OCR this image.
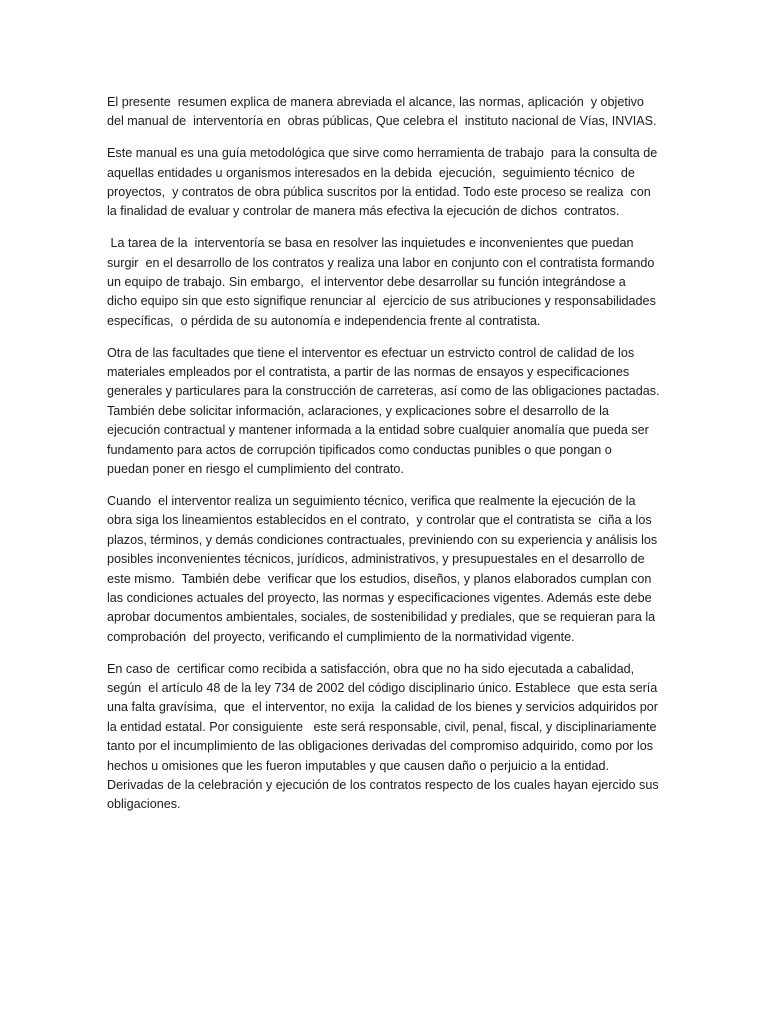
El presente  resumen explica de manera abreviada el alcance, las normas, aplicación  y objetivo
del manual de  interventoría en  obras públicas, Que celebra el  instituto nacional de Vías, INVIAS.

Este manual es una guía metodológica que sirve como herramienta de trabajo  para la consulta de
aquellas entidades u organismos interesados en la debida  ejecución,  seguimiento técnico  de
proyectos,  y contratos de obra pública suscritos por la entidad. Todo este proceso se realiza  con
la finalidad de evaluar y controlar de manera más efectiva la ejecución de dichos  contratos.

La tarea de la  interventoría se basa en resolver las inquietudes e inconvenientes que puedan
surgir  en el desarrollo de los contratos y realiza una labor en conjunto con el contratista formando
un equipo de trabajo. Sin embargo,  el interventor debe desarrollar su función integrándose a
dicho equipo sin que esto signifique renunciar al  ejercicio de sus atribuciones y responsabilidades
específicas,  o pérdida de su autonomía e independencia frente al contratista.

Otra de las facultades que tiene el interventor es efectuar un estrvicto control de calidad de los
materiales empleados por el contratista, a partir de las normas de ensayos y especificaciones
generales y particulares para la construcción de carreteras, así como de las obligaciones pactadas.
También debe solicitar información, aclaraciones, y explicaciones sobre el desarrollo de la
ejecución contractual y mantener informada a la entidad sobre cualquier anomalía que pueda ser
fundamento para actos de corrupción tipificados como conductas punibles o que pongan o
puedan poner en riesgo el cumplimiento del contrato.

Cuando  el interventor realiza un seguimiento técnico, verifica que realmente la ejecución de la
obra siga los lineamientos establecidos en el contrato,  y controlar que el contratista se  ciña a los
plazos, términos, y demás condiciones contractuales, previniendo con su experiencia y análisis los
posibles inconvenientes técnicos, jurídicos, administrativos, y presupuestales en el desarrollo de
este mismo.  También debe  verificar que los estudios, diseños, y planos elaborados cumplan con
las condiciones actuales del proyecto, las normas y especificaciones vigentes. Además este debe
aprobar documentos ambientales, sociales, de sostenibilidad y prediales, que se requieran para la
comprobación  del proyecto, verificando el cumplimiento de la normatividad vigente.

En caso de  certificar como recibida a satisfacción, obra que no ha sido ejecutada a cabalidad,
según  el artículo 48 de la ley 734 de 2002 del código disciplinario único. Establece  que esta sería
una falta gravísima,  que  el interventor, no exija  la calidad de los bienes y servicios adquiridos por
la entidad estatal. Por consiguiente   este será responsable, civil, penal, fiscal, y disciplinariamente
tanto por el incumplimiento de las obligaciones derivadas del compromiso adquirido, como por los
hechos u omisiones que les fueron imputables y que causen daño o perjuicio a la entidad.
Derivadas de la celebración y ejecución de los contratos respecto de los cuales hayan ejercido sus
obligaciones.
